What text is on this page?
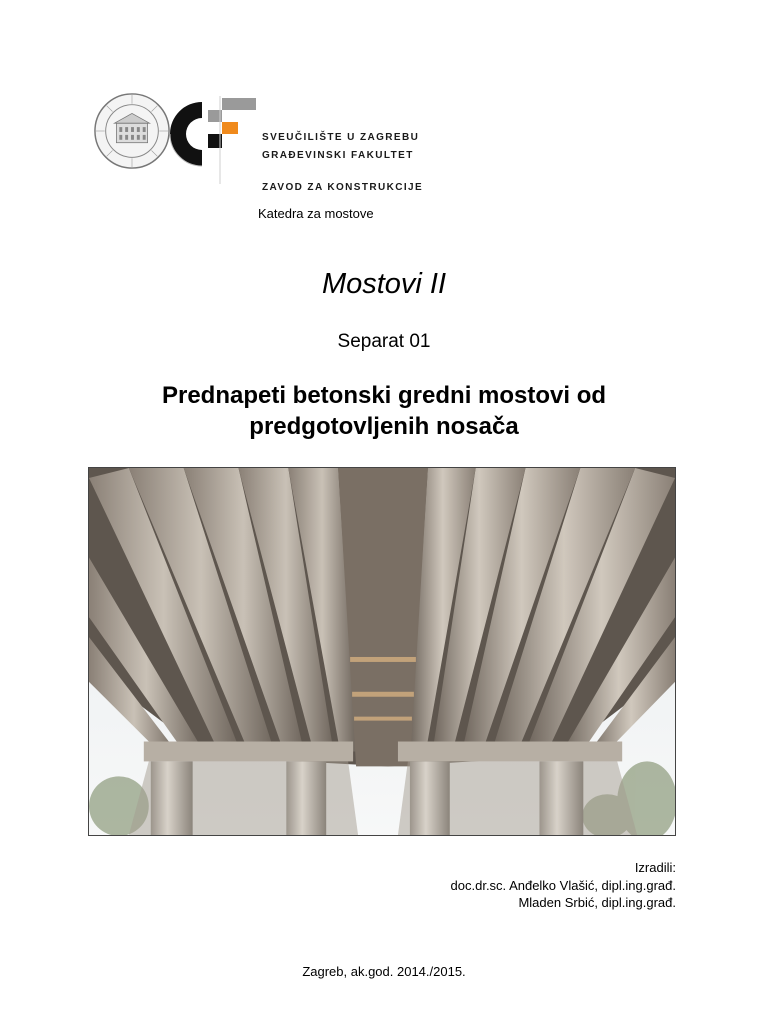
SVEUČILIŠTE U ZAGREBU
GRAĐEVINSKI FAKULTET
ZAVOD ZA KONSTRUKCIJE
Katedra za mostove
Mostovi II
Separat 01
Prednapeti betonski gredni mostovi od
predgotovljenih nosača
Izradili:
doc.dr.sc. Anđelko Vlašić, dipl.ing.građ.
Mladen Srbić, dipl.ing.građ.
Zagreb, ak.god. 2014./2015.
